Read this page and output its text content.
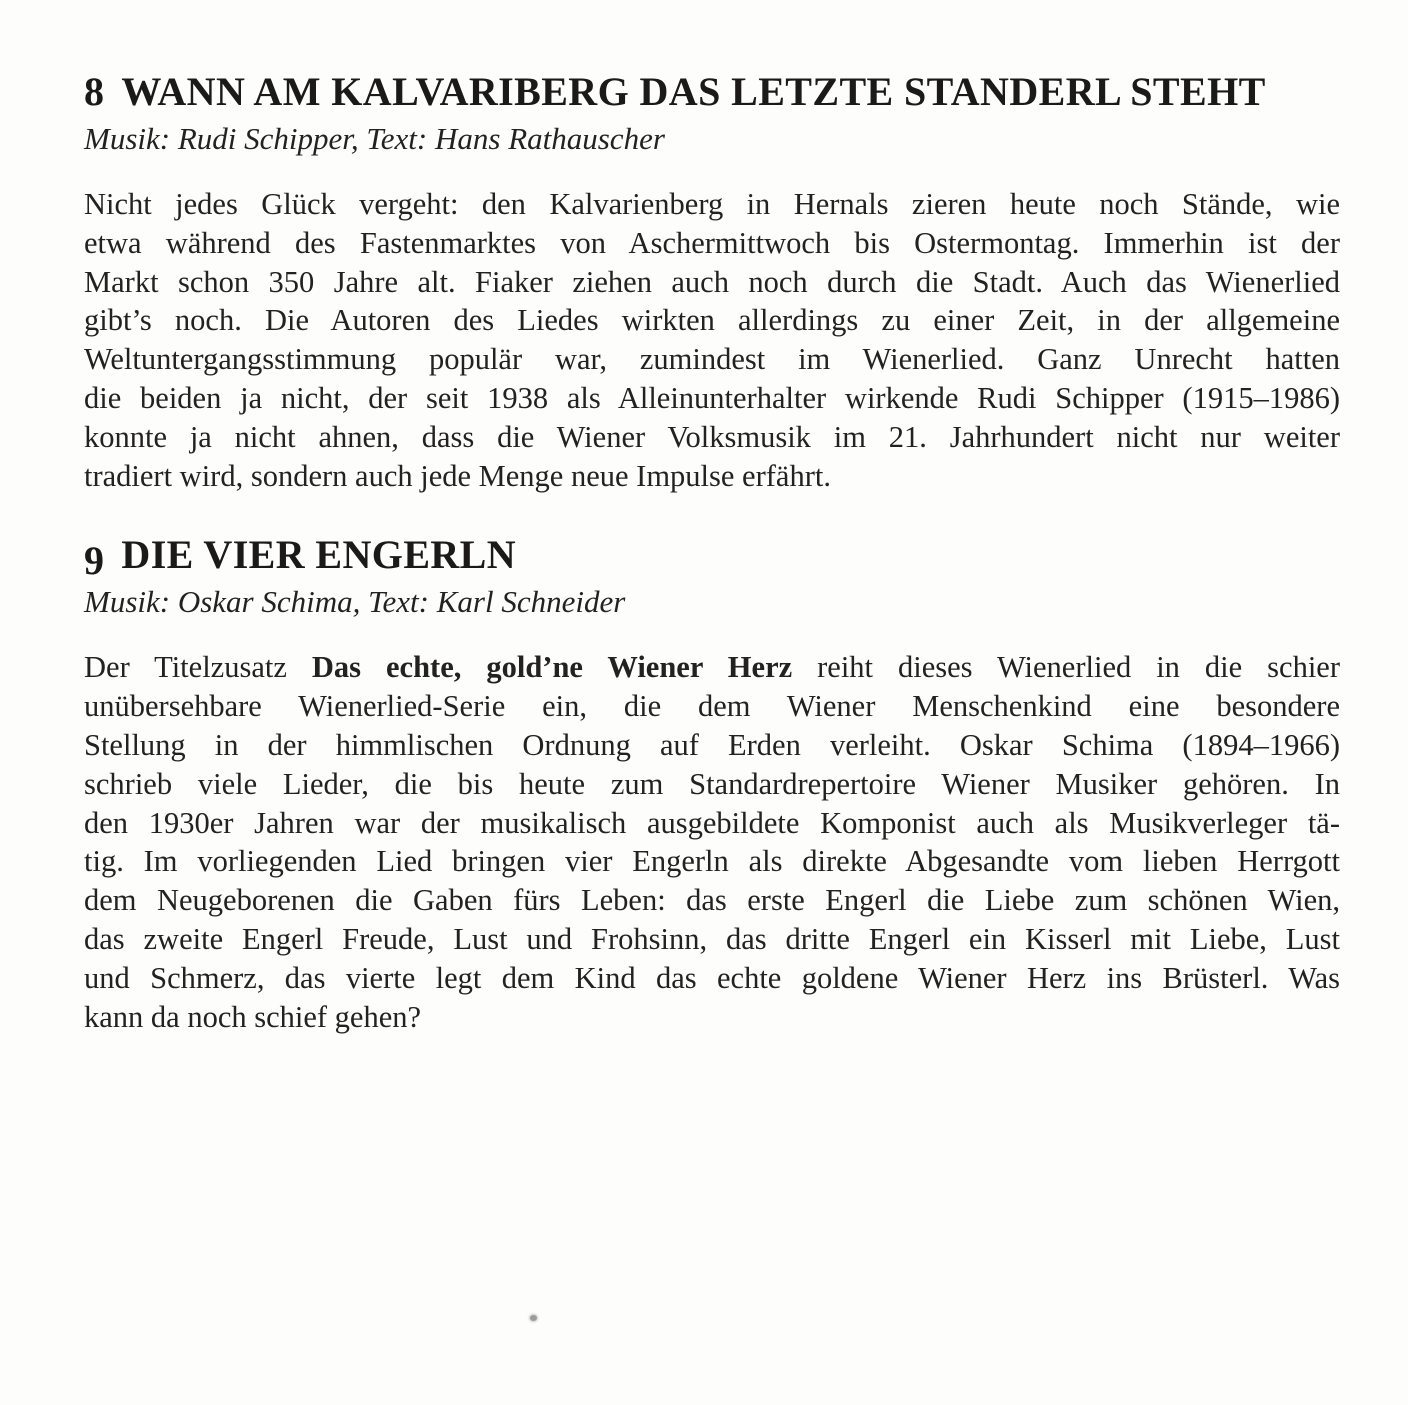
8 WANN AM KALVARIBERG DAS LETZTE STANDERL STEHT
Musik: Rudi Schipper, Text: Hans Rathauscher
Nicht jedes Glück vergeht: den Kalvarienberg in Hernals zieren heute noch Stände, wie
etwa während des Fastenmarktes von Aschermittwoch bis Ostermontag. Immerhin ist der
Markt schon 350 Jahre alt. Fiaker ziehen auch noch durch die Stadt. Auch das Wienerlied
gibt’s noch. Die Autoren des Liedes wirkten allerdings zu einer Zeit, in der allgemeine
Weltuntergangsstimmung populär war, zumindest im Wienerlied. Ganz Unrecht hatten
die beiden ja nicht, der seit 1938 als Alleinunterhalter wirkende Rudi Schipper (1915–1986)
konnte ja nicht ahnen, dass die Wiener Volksmusik im 21. Jahrhundert nicht nur weiter
tradiert wird, sondern auch jede Menge neue Impulse erfährt.
9 DIE VIER ENGERLN
Musik: Oskar Schima, Text: Karl Schneider
Der Titelzusatz Das echte, gold’ne Wiener Herz reiht dieses Wienerlied in die schier
unübersehbare Wienerlied-Serie ein, die dem Wiener Menschenkind eine besondere
Stellung in der himmlischen Ordnung auf Erden verleiht. Oskar Schima (1894–1966)
schrieb viele Lieder, die bis heute zum Standardrepertoire Wiener Musiker gehören. In
den 1930er Jahren war der musikalisch ausgebildete Komponist auch als Musikverleger tä-
tig. Im vorliegenden Lied bringen vier Engerln als direkte Abgesandte vom lieben Herrgott
dem Neugeborenen die Gaben fürs Leben: das erste Engerl die Liebe zum schönen Wien,
das zweite Engerl Freude, Lust und Frohsinn, das dritte Engerl ein Kisserl mit Liebe, Lust
und Schmerz, das vierte legt dem Kind das echte goldene Wiener Herz ins Brüsterl. Was
kann da noch schief gehen?
